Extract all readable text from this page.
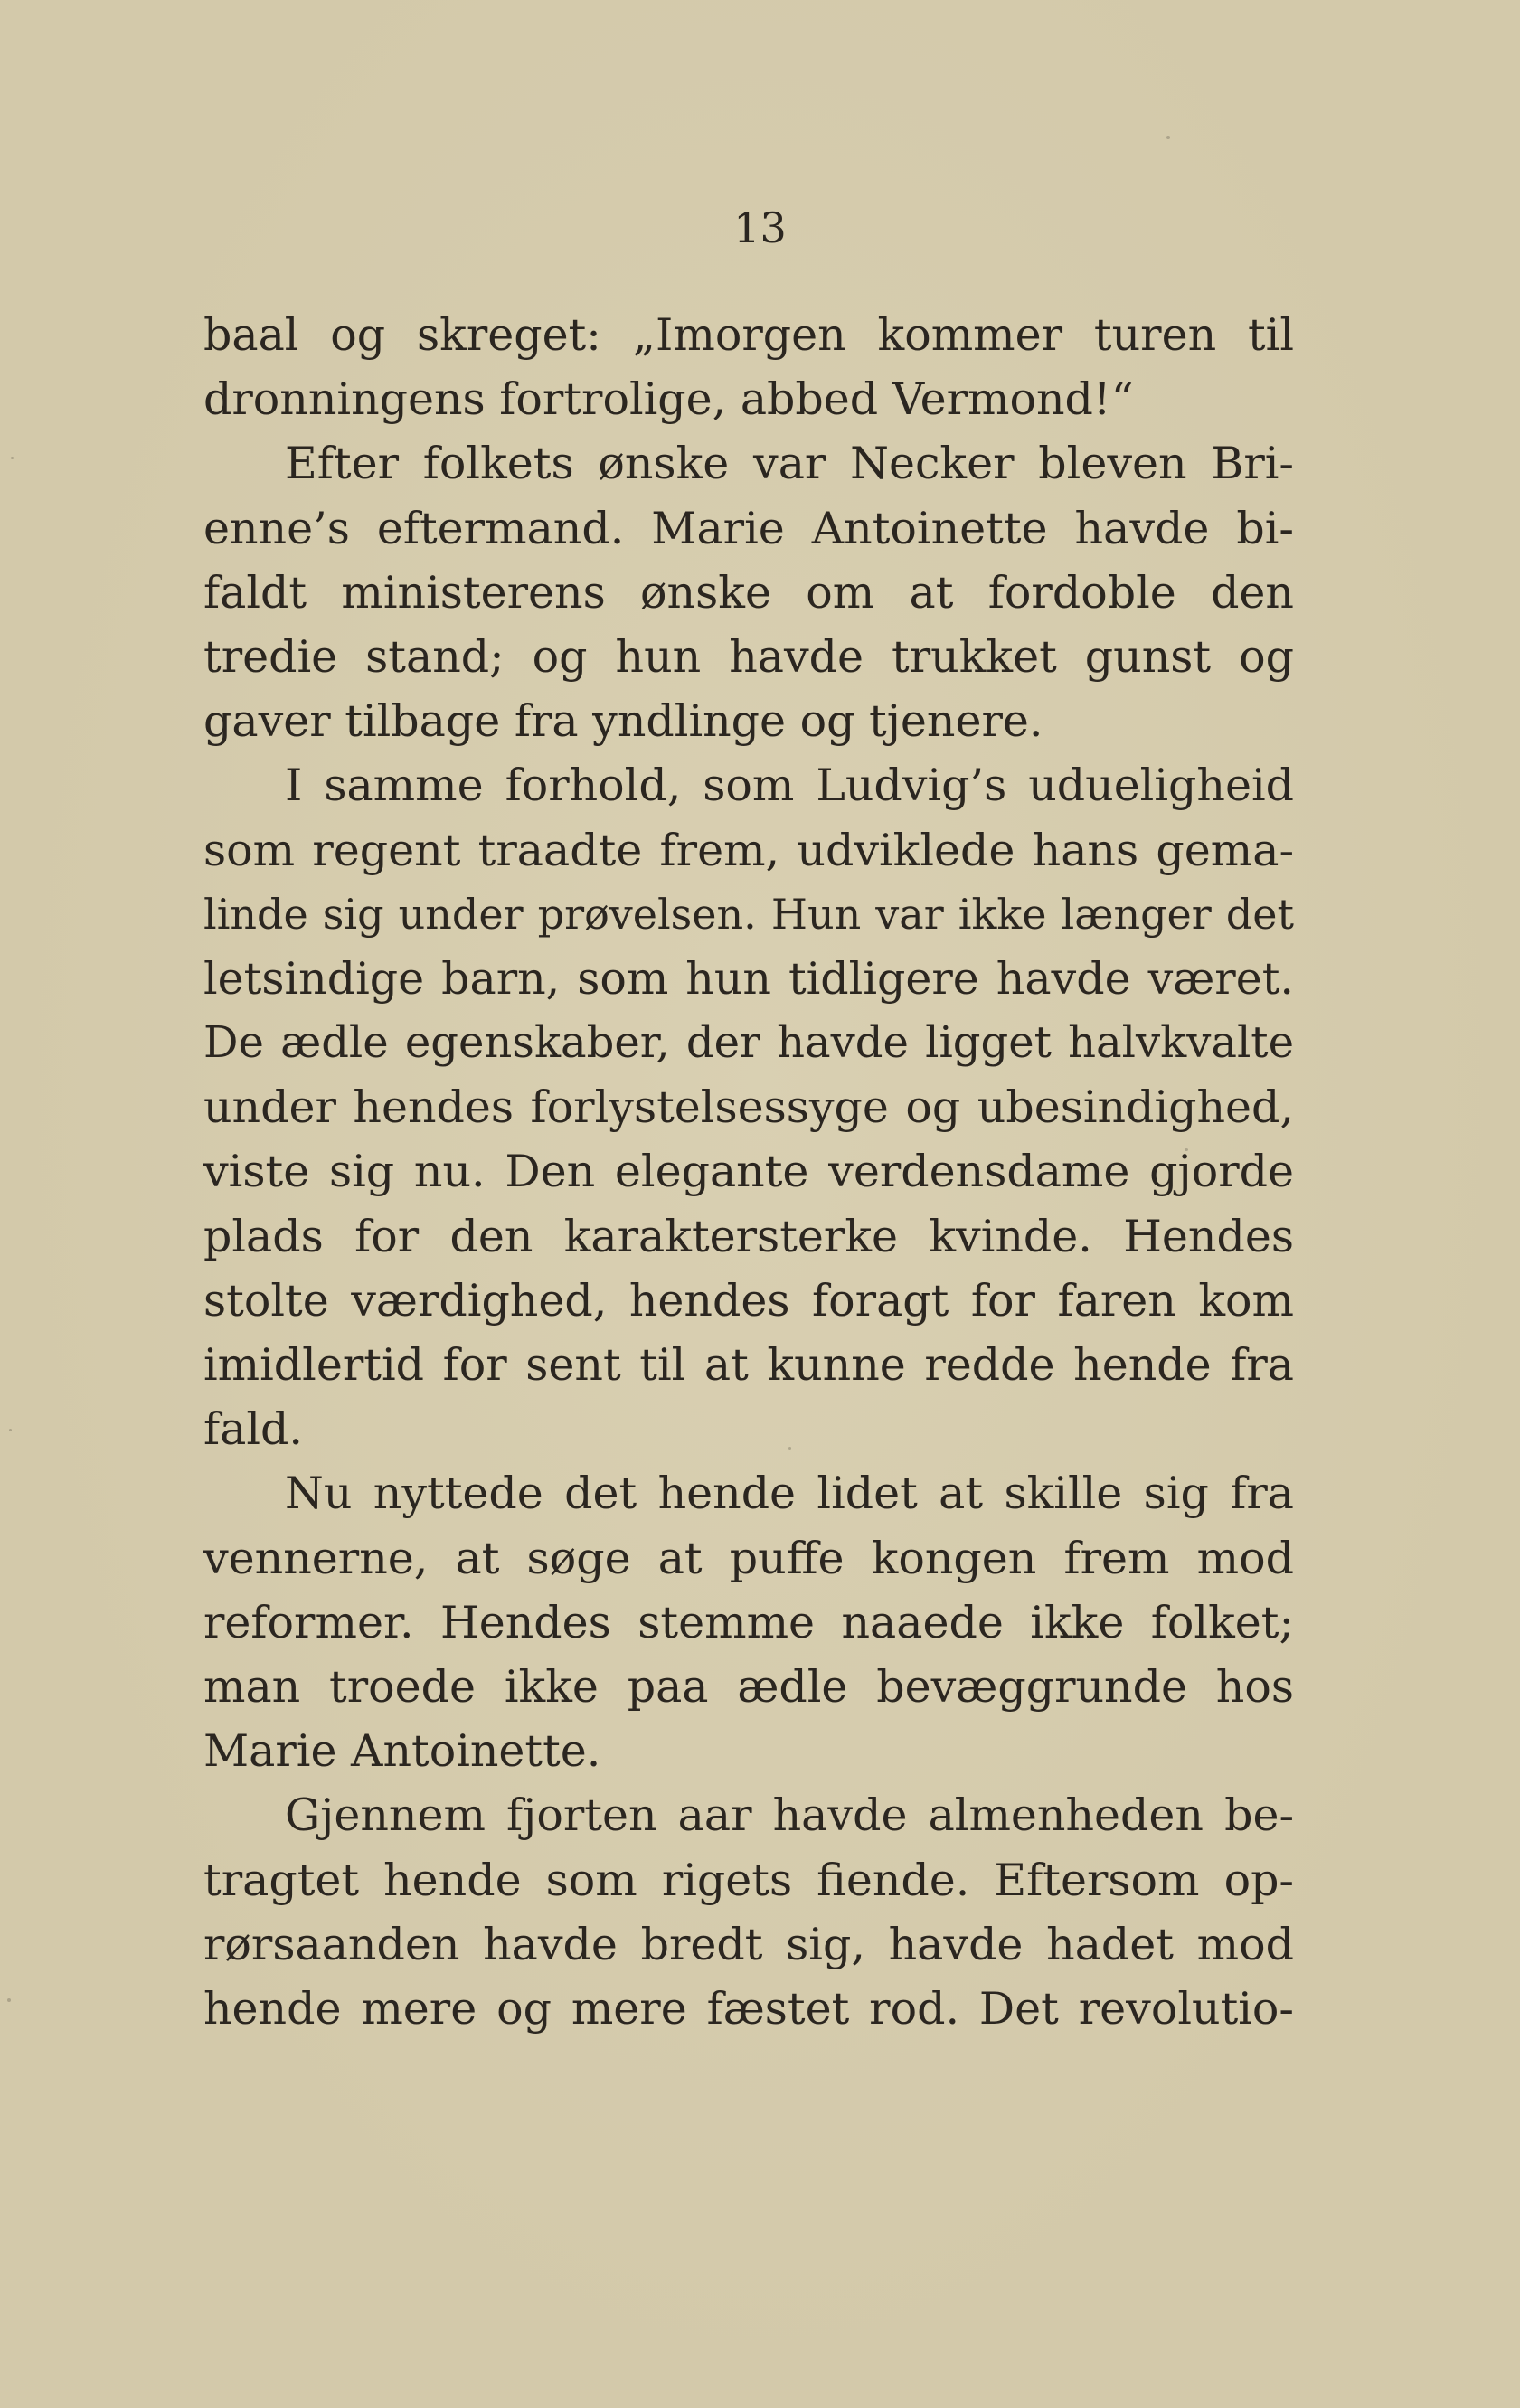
13
baal og skreget: „Imorgen kommer turen til
dronningens fortrolige, abbed Vermond!“
Efter folkets ønske var Necker bleven Bri-
enne’s eftermand. Marie Antoinette havde bi-
faldt ministerens ønske om at fordoble den
tredie stand; og hun havde trukket gunst og
gaver tilbage fra yndlinge og tjenere.
I samme forhold, som Ludvig’s udueligheid
som regent traadte frem, udviklede hans gema-
linde sig under prøvelsen. Hun var ikke længer det
letsindige barn, som hun tidligere havde været.
De ædle egenskaber, der havde ligget halvkvalte
under hendes forlystelsessyge og ubesindighed,
viste sig nu. Den elegante verdensdame gjorde
plads for den karaktersterke kvinde. Hendes
stolte værdighed, hendes foragt for faren kom
imidlertid for sent til at kunne redde hende fra
fald.
Nu nyttede det hende lidet at skille sig fra
vennerne, at søge at puffe kongen frem mod
reformer. Hendes stemme naaede ikke folket;
man troede ikke paa ædle bevæggrunde hos
Marie Antoinette.
Gjennem fjorten aar havde almenheden be-
tragtet hende som rigets fiende. Eftersom op-
rørsaanden havde bredt sig, havde hadet mod
hende mere og mere fæstet rod. Det revolutio-
